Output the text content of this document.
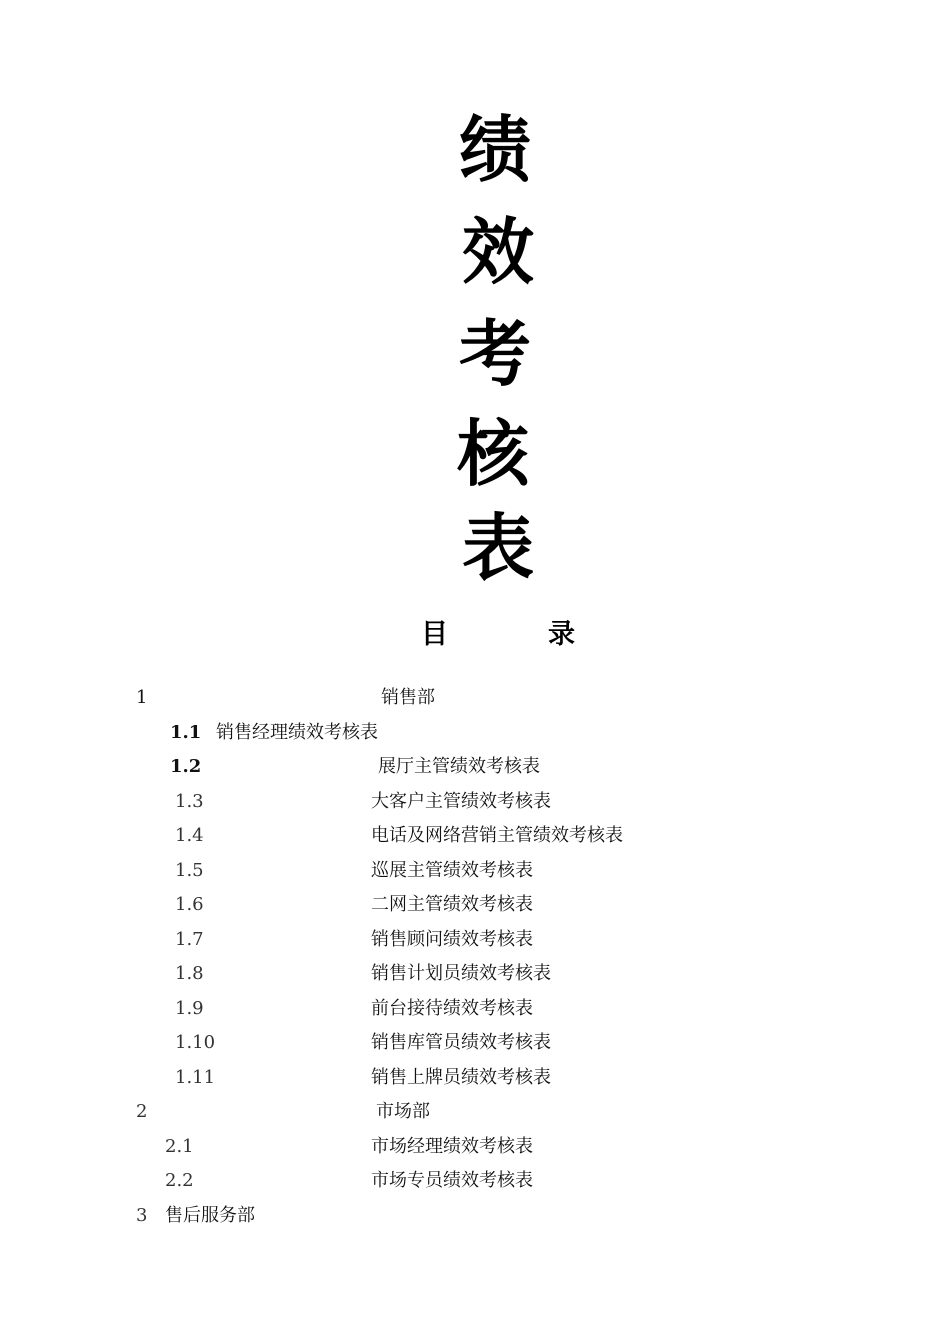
绩
效
考
核
表
目	录
1	销售部
1.1 销售经理绩效考核表
1.2	展厅主管绩效考核表
1.3	大客户主管绩效考核表
1.4	电话及网络营销主管绩效考核表
1.5	巡展主管绩效考核表
1.6	二网主管绩效考核表
1.7	销售顾问绩效考核表
1.8	销售计划员绩效考核表
1.9	前台接待绩效考核表
1.10	销售库管员绩效考核表
1.11	销售上牌员绩效考核表
2	市场部
2.1	市场经理绩效考核表
2.2	市场专员绩效考核表
3 售后服务部
